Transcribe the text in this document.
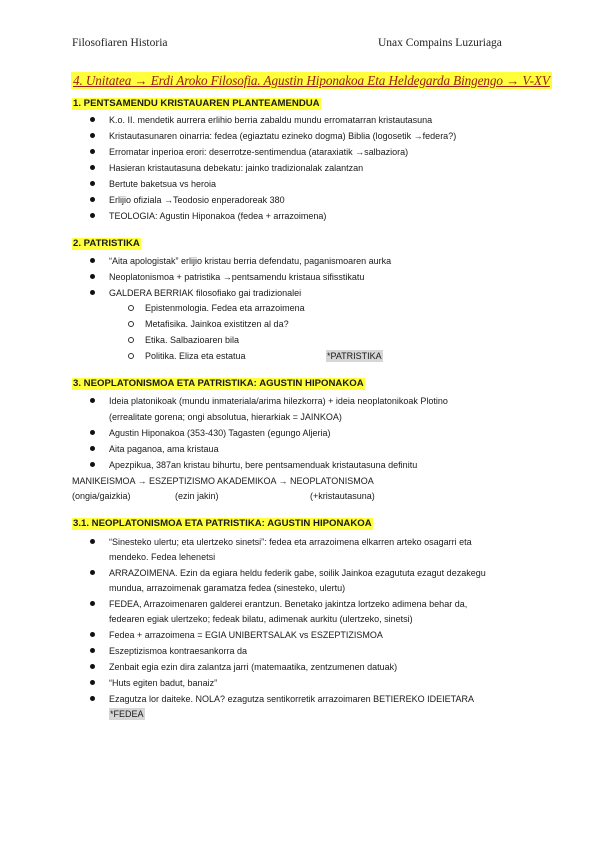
Filosofiaren Historia	Unax Compains Luzuriaga
4. Unitatea → Erdi Aroko Filosofia. Agustin Hiponakoa Eta Heldegarda Bingengo → V-XV
1. PENTSAMENDU KRISTAUAREN PLANTEAMENDUA
K.o. II. mendetik aurrera erlihio berria zabaldu mundu erromatarran kristautasuna
Kristautasunaren oinarria: fedea (egiaztatu ezineko dogma) Biblia (logosetik →federa?)
Erromatar inperioa erori: deserrotze-sentimendua (ataraxiatik →salbaziora)
Hasieran kristautasuna debekatu: jainko tradizionalak zalantzan
Bertute baketsua vs heroia
Erlijio ofiziala →Teodosio enperadoreak 380
TEOLOGIA: Agustin Hiponakoa (fedea + arrazoimena)
2. PATRISTIKA
“Aita apologistak” erlijio kristau berria defendatu, paganismoaren aurka
Neoplatonismoa + patristika →pentsamendu kristaua sifisstikatu
GALDERA BERRIAK filosofiako gai tradizionalei
Epistenmologia. Fedea eta arrazoimena
Metafisika. Jainkoa existitzen al da?
Etika. Salbazioaren bila
Politika. Eliza eta estatua	*PATRISTIKA
3. NEOPLATONISMOA ETA PATRISTIKA: AGUSTIN HIPONAKOA
Ideia platonikoak (mundu inmateriala/arima hilezkorra) + ideia neoplatonikoak Plotino
(errealitate gorena; ongi absolutua, hierarkiak = JAINKOA)
Agustin Hiponakoa (353-430) Tagasten (egungo Aljeria)
Aita paganoa, ama kristaua
Apezpikua, 387an kristau bihurtu, bere pentsamenduak kristautasuna definitu
MANIKEISMOA → ESZEPTIZISMO AKADEMIKOA → NEOPLATONISMOA
(ongia/gaizkia)	(ezin jakin)	(+kristautasuna)
3.1. NEOPLATONISMOA ETA PATRISTIKA: AGUSTIN HIPONAKOA
“Sinesteko ulertu; eta ulertzeko sinetsi”: fedea eta arrazoimena elkarren arteko osagarri eta
mendeko. Fedea lehenetsi
ARRAZOIMENA. Ezin da egiara heldu federik gabe, soilik Jainkoa ezagututa ezagut dezakegu
mundua, arrazoimenak garamatza fedea (sinesteko, ulertu)
FEDEA, Arrazoimenaren galderei erantzun. Benetako jakintza lortzeko adimena behar da,
fedearen egiak ulertzeko; fedeak bilatu, adimenak aurkitu (ulertzeko, sinetsi)
Fedea + arrazoimena = EGIA UNIBERTSALAK vs ESZEPTIZISMOA
Eszeptizismoa kontraesankorra da
Zenbait egia ezin dira zalantza jarri (matemaatika, zentzumenen datuak)
“Huts egiten badut, banaiz”
Ezagutza lor daiteke. NOLA? ezagutza sentikorretik arrazoimaren BETIEREKO IDEIETARA
*FEDEA
